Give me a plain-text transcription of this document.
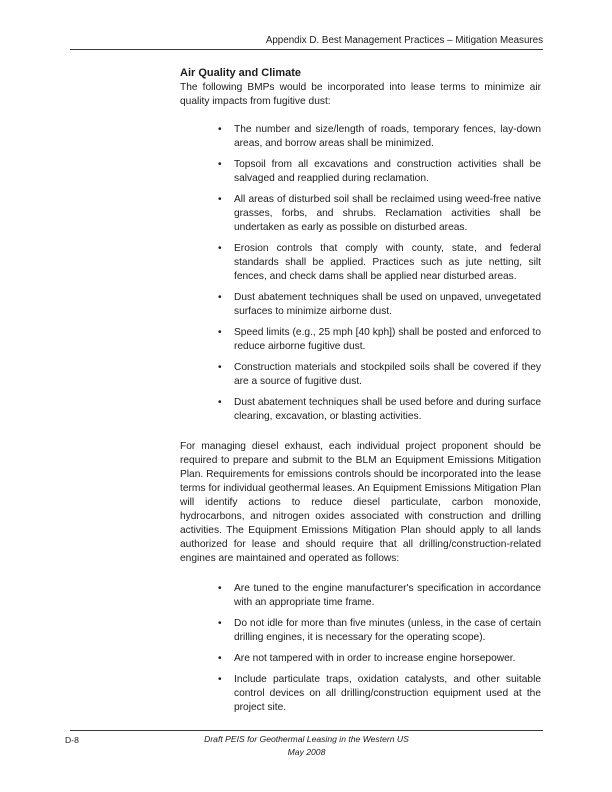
Appendix D. Best Management Practices – Mitigation Measures
Air Quality and Climate

The following BMPs would be incorporated into lease terms to minimize air quality impacts from fugitive dust:

•	The number and size/length of roads, temporary fences, lay-down areas, and borrow areas shall be minimized.
•	Topsoil from all excavations and construction activities shall be salvaged and reapplied during reclamation.
•	All areas of disturbed soil shall be reclaimed using weed-free native grasses, forbs, and shrubs. Reclamation activities shall be undertaken as early as possible on disturbed areas.
•	Erosion controls that comply with county, state, and federal standards shall be applied. Practices such as jute netting, silt fences, and check dams shall be applied near disturbed areas.
•	Dust abatement techniques shall be used on unpaved, unvegetated surfaces to minimize airborne dust.
•	Speed limits (e.g., 25 mph [40 kph]) shall be posted and enforced to reduce airborne fugitive dust.
•	Construction materials and stockpiled soils shall be covered if they are a source of fugitive dust.
•	Dust abatement techniques shall be used before and during surface clearing, excavation, or blasting activities.

For managing diesel exhaust, each individual project proponent should be required to prepare and submit to the BLM an Equipment Emissions Mitigation Plan. Requirements for emissions controls should be incorporated into the lease terms for individual geothermal leases. An Equipment Emissions Mitigation Plan will identify actions to reduce diesel particulate, carbon monoxide, hydrocarbons, and nitrogen oxides associated with construction and drilling activities. The Equipment Emissions Mitigation Plan should apply to all lands authorized for lease and should require that all drilling/construction-related engines are maintained and operated as follows:

•	Are tuned to the engine manufacturer's specification in accordance with an appropriate time frame.
•	Do not idle for more than five minutes (unless, in the case of certain drilling engines, it is necessary for the operating scope).
•	Are not tampered with in order to increase engine horsepower.
•	Include particulate traps, oxidation catalysts, and other suitable control devices on all drilling/construction equipment used at the project site.
D-8	Draft PEIS for Geothermal Leasing in the Western US
May 2008
